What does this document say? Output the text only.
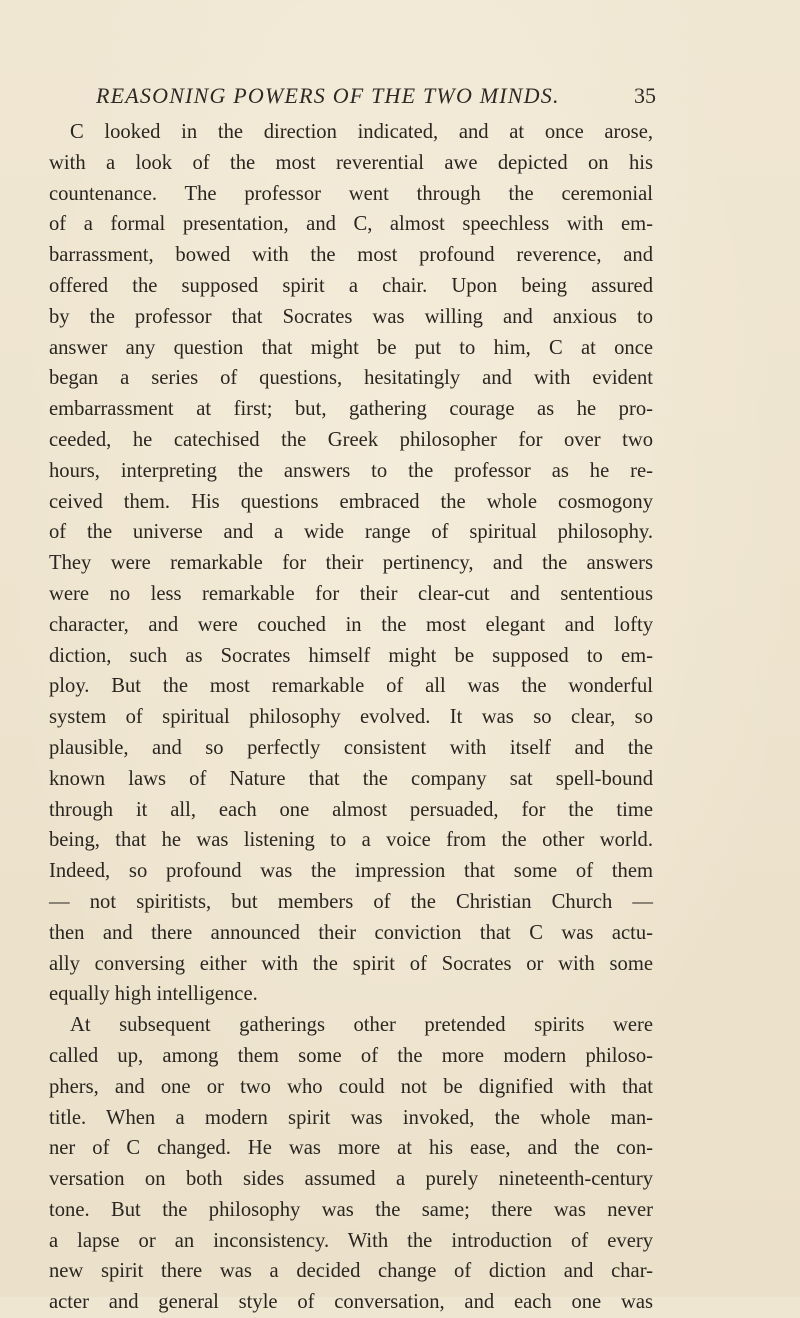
REASONING POWERS OF THE TWO MINDS.	35
C looked in the direction indicated, and at once arose,
with a look of the most reverential awe depicted on his
countenance. The professor went through the ceremonial
of a formal presentation, and C, almost speechless with em-
barrassment, bowed with the most profound reverence, and
offered the supposed spirit a chair. Upon being assured
by the professor that Socrates was willing and anxious to
answer any question that might be put to him, C at once
began a series of questions, hesitatingly and with evident
embarrassment at first; but, gathering courage as he pro-
ceeded, he catechised the Greek philosopher for over two
hours, interpreting the answers to the professor as he re-
ceived them. His questions embraced the whole cosmogony
of the universe and a wide range of spiritual philosophy.
They were remarkable for their pertinency, and the answers
were no less remarkable for their clear-cut and sententious
character, and were couched in the most elegant and lofty
diction, such as Socrates himself might be supposed to em-
ploy. But the most remarkable of all was the wonderful
system of spiritual philosophy evolved. It was so clear, so
plausible, and so perfectly consistent with itself and the
known laws of Nature that the company sat spell-bound
through it all, each one almost persuaded, for the time
being, that he was listening to a voice from the other world.
Indeed, so profound was the impression that some of them
— not spiritists, but members of the Christian Church —
then and there announced their conviction that C was actu-
ally conversing either with the spirit of Socrates or with some
equally high intelligence.
At subsequent gatherings other pretended spirits were
called up, among them some of the more modern philoso-
phers, and one or two who could not be dignified with that
title. When a modern spirit was invoked, the whole man-
ner of C changed. He was more at his ease, and the con-
versation on both sides assumed a purely nineteenth-century
tone. But the philosophy was the same; there was never
a lapse or an inconsistency. With the introduction of every
new spirit there was a decided change of diction and char-
acter and general style of conversation, and each one was
